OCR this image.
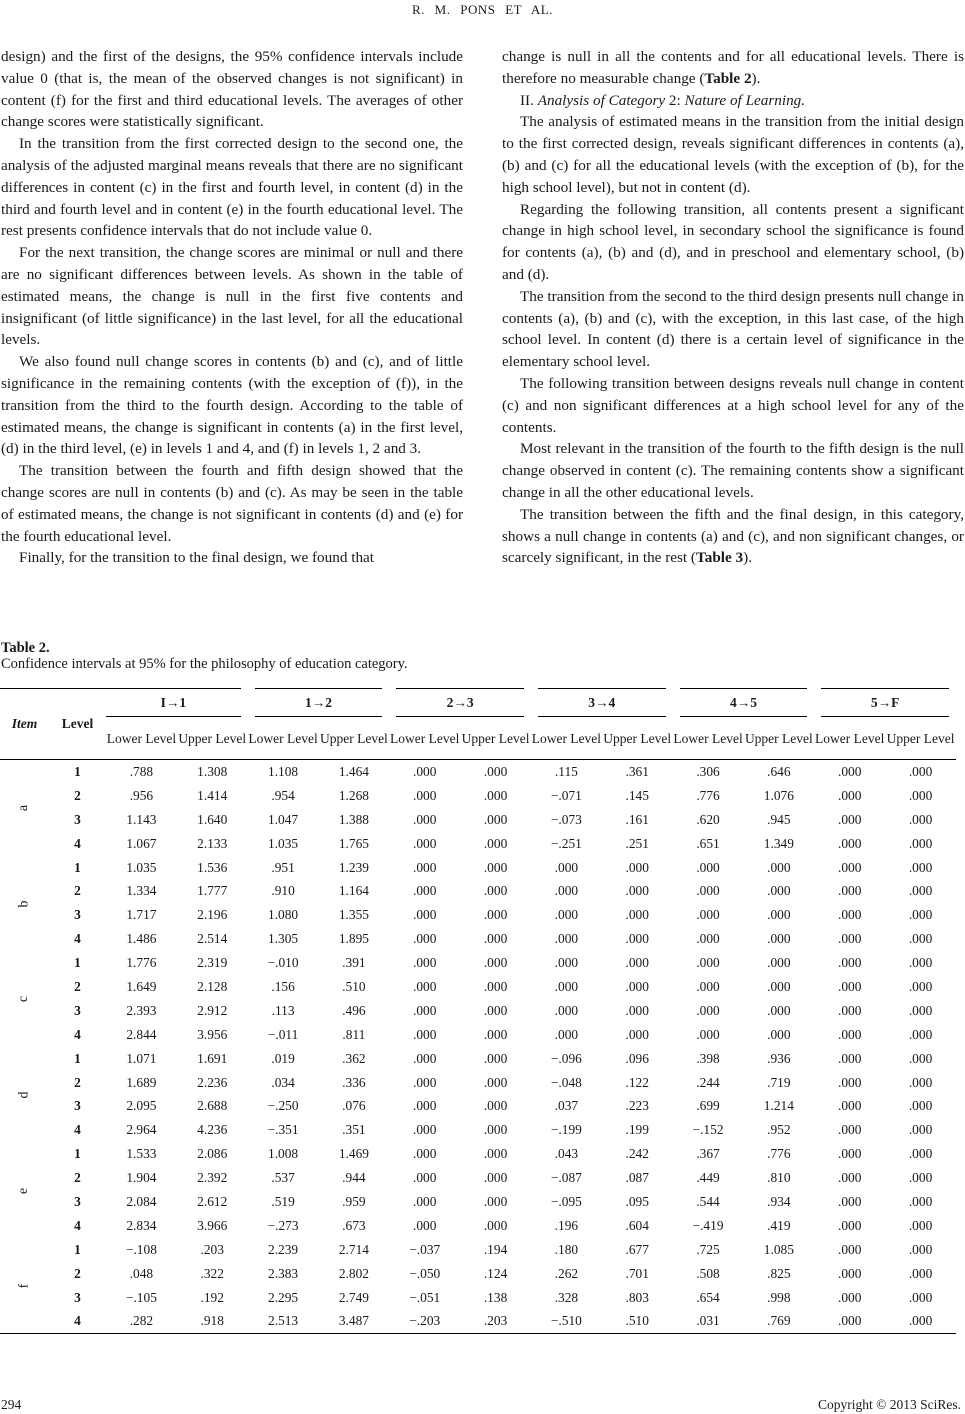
R. M. PONS ET AL.

design) and the first of the designs, the 95% confidence intervals include value 0 (that is, the mean of the observed changes is not significant) in content (f) for the first and third educational levels. The averages of other change scores were statistically significant.

In the transition from the first corrected design to the second one, the analysis of the adjusted marginal means reveals that there are no significant differences in content (c) in the first and fourth level, in content (d) in the third and fourth level and in content (e) in the fourth educational level. The rest presents confidence intervals that do not include value 0.

For the next transition, the change scores are minimal or null and there are no significant differences between levels. As shown in the table of estimated means, the change is null in the first five contents and insignificant (of little significance) in the last level, for all the educational levels.

We also found null change scores in contents (b) and (c), and of little significance in the remaining contents (with the exception of (f)), in the transition from the third to the fourth design. According to the table of estimated means, the change is significant in contents (a) in the first level, (d) in the third level, (e) in levels 1 and 4, and (f) in levels 1, 2 and 3.

The transition between the fourth and fifth design showed that the change scores are null in contents (b) and (c). As may be seen in the table of estimated means, the change is not significant in contents (d) and (e) for the fourth educational level.

Finally, for the transition to the final design, we found that

change is null in all the contents and for all educational levels. There is therefore no measurable change (Table 2).

II. Analysis of Category 2: Nature of Learning.

The analysis of estimated means in the transition from the initial design to the first corrected design, reveals significant differences in contents (a), (b) and (c) for all the educational levels (with the exception of (b), for the high school level), but not in content (d).

Regarding the following transition, all contents present a significant change in high school level, in secondary school the significance is found for contents (a), (b) and (d), and in preschool and elementary school, (b) and (d).

The transition from the second to the third design presents null change in contents (a), (b) and (c), with the exception, in this last case, of the high school level. In content (d) there is a certain level of significance in the elementary school level.

The following transition between designs reveals null change in content (c) and non significant differences at a high school level for any of the contents.

Most relevant in the transition of the fourth to the fifth design is the null change observed in content (c). The remaining contents show a significant change in all the other educational levels.

The transition between the fifth and the final design, in this category, shows a null change in contents (a) and (c), and non significant changes, or scarcely significant, in the rest (Table 3).

Table 2.
Confidence intervals at 95% for the philosophy of education category.
Item	Level	I→1		1→2		2→3		3→4		4→5		5→F	
		Lower Level	Upper Level	Lower Level	Upper Level	Lower Level	Upper Level	Lower Level	Upper Level	Lower Level	Upper Level	Lower Level	Upper Level
a	1	.788	1.308	1.108	1.464	.000	.000	.115	.361	.306	.646	.000	.000
	2	.956	1.414	.954	1.268	.000	.000	−.071	.145	.776	1.076	.000	.000
	3	1.143	1.640	1.047	1.388	.000	.000	−.073	.161	.620	.945	.000	.000
	4	1.067	2.133	1.035	1.765	.000	.000	−.251	.251	.651	1.349	.000	.000
b	1	1.035	1.536	.951	1.239	.000	.000	.000	.000	.000	.000	.000	.000
	2	1.334	1.777	.910	1.164	.000	.000	.000	.000	.000	.000	.000	.000
	3	1.717	2.196	1.080	1.355	.000	.000	.000	.000	.000	.000	.000	.000
	4	1.486	2.514	1.305	1.895	.000	.000	.000	.000	.000	.000	.000	.000
c	1	1.776	2.319	−.010	.391	.000	.000	.000	.000	.000	.000	.000	.000
	2	1.649	2.128	.156	.510	.000	.000	.000	.000	.000	.000	.000	.000
	3	2.393	2.912	.113	.496	.000	.000	.000	.000	.000	.000	.000	.000
	4	2.844	3.956	−.011	.811	.000	.000	.000	.000	.000	.000	.000	.000
d	1	1.071	1.691	.019	.362	.000	.000	−.096	.096	.398	.936	.000	.000
	2	1.689	2.236	.034	.336	.000	.000	−.048	.122	.244	.719	.000	.000
	3	2.095	2.688	−.250	.076	.000	.000	.037	.223	.699	1.214	.000	.000
	4	2.964	4.236	−.351	.351	.000	.000	−.199	.199	−.152	.952	.000	.000
e	1	1.533	2.086	1.008	1.469	.000	.000	.043	.242	.367	.776	.000	.000
	2	1.904	2.392	.537	.944	.000	.000	−.087	.087	.449	.810	.000	.000
	3	2.084	2.612	.519	.959	.000	.000	−.095	.095	.544	.934	.000	.000
	4	2.834	3.966	−.273	.673	.000	.000	.196	.604	−.419	.419	.000	.000
f	1	−.108	.203	2.239	2.714	−.037	.194	.180	.677	.725	1.085	.000	.000
	2	.048	.322	2.383	2.802	−.050	.124	.262	.701	.508	.825	.000	.000
	3	−.105	.192	2.295	2.749	−.051	.138	.328	.803	.654	.998	.000	.000
	4	.282	.918	2.513	3.487	−.203	.203	−.510	.510	.031	.769	.000	.000
294	Copyright © 2013 SciRes.
